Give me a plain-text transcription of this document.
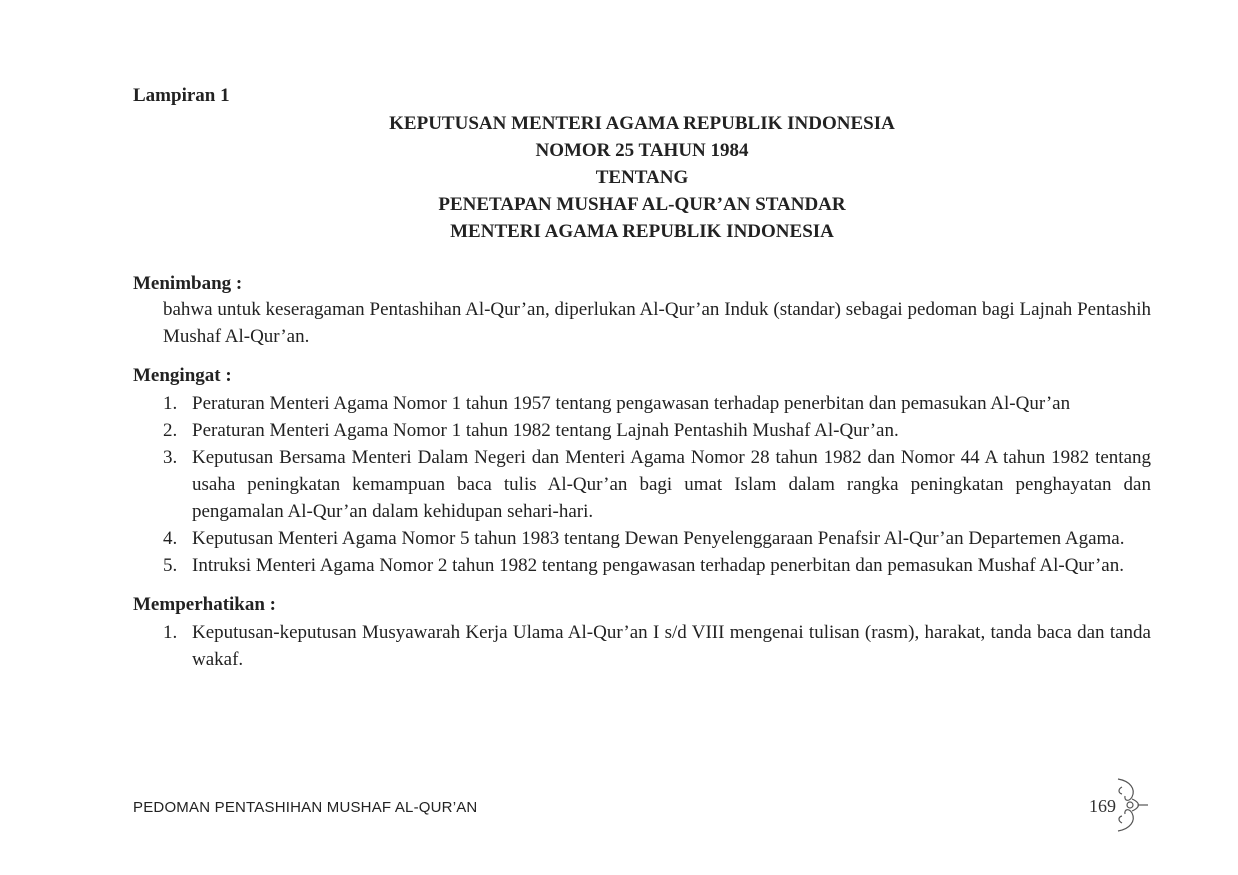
Lampiran 1
KEPUTUSAN MENTERI AGAMA REPUBLIK INDONESIA
NOMOR 25 TAHUN 1984
TENTANG
PENETAPAN MUSHAF AL-QUR’AN STANDAR
MENTERI AGAMA REPUBLIK INDONESIA
Menimbang :
bahwa untuk keseragaman Pentashihan Al-Qur’an, diperlukan Al-Qur’an Induk (standar) sebagai pedoman bagi Lajnah Pentashih Mushaf Al-Qur’an.
Mengingat :
1. Peraturan Menteri Agama Nomor 1 tahun 1957 tentang pengawasan terhadap penerbitan dan pemasukan Al-Qur’an
2. Peraturan Menteri Agama Nomor 1 tahun 1982 tentang Lajnah Pentashih Mushaf Al-Qur’an.
3. Keputusan Bersama Menteri Dalam Negeri dan Menteri Agama Nomor 28 tahun 1982 dan Nomor 44 A tahun 1982 tentang usaha peningkatan kemampuan baca tulis Al-Qur’an bagi umat Islam dalam rangka peningkatan penghayatan dan pengamalan Al-Qur’an dalam kehidupan sehari-hari.
4. Keputusan Menteri Agama Nomor 5 tahun 1983 tentang Dewan Penyelenggaraan Penafsir Al-Qur’an Departemen Agama.
5. Intruksi Menteri Agama Nomor 2 tahun 1982 tentang pengawasan terhadap penerbitan dan pemasukan Mushaf Al-Qur’an.
Memperhatikan :
1. Keputusan-keputusan Musyawarah Kerja Ulama Al-Qur’an I s/d VIII mengenai tulisan (rasm), harakat, tanda baca dan tanda wakaf.
PEDOMAN PENTASHIHAN MUSHAF AL-QUR’AN	169
